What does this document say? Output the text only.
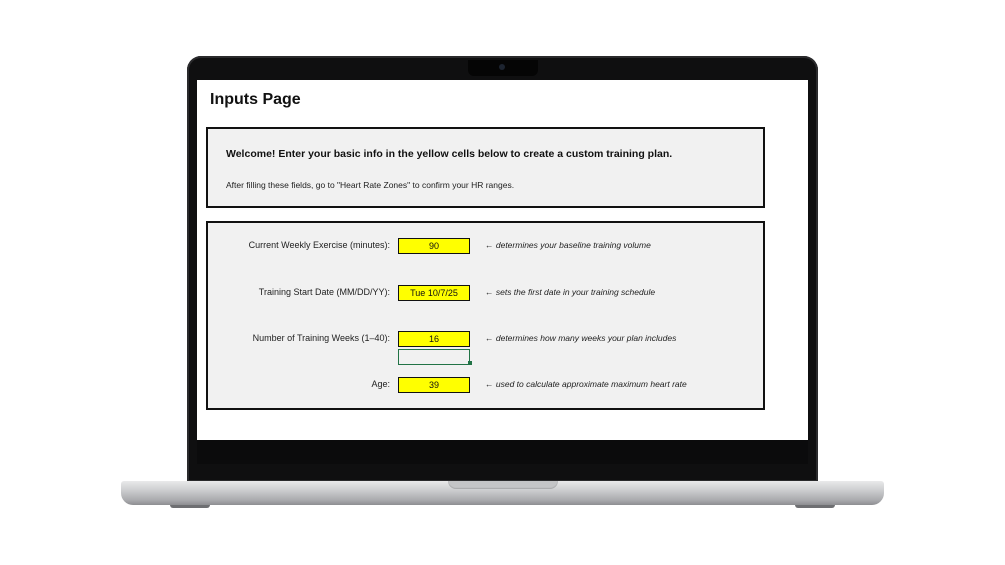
Inputs Page
Welcome! Enter your basic info in the yellow cells below to create a custom training plan.
After filling these fields, go to "Heart Rate Zones" to confirm your HR ranges.
Current Weekly Exercise (minutes):	90	← determines your baseline training volume
Training Start Date (MM/DD/YY):	Tue 10/7/25	← sets the first date in your training schedule
Number of Training Weeks (1–40):	16	← determines how many weeks your plan includes
Age:	39	← used to calculate approximate maximum heart rate
